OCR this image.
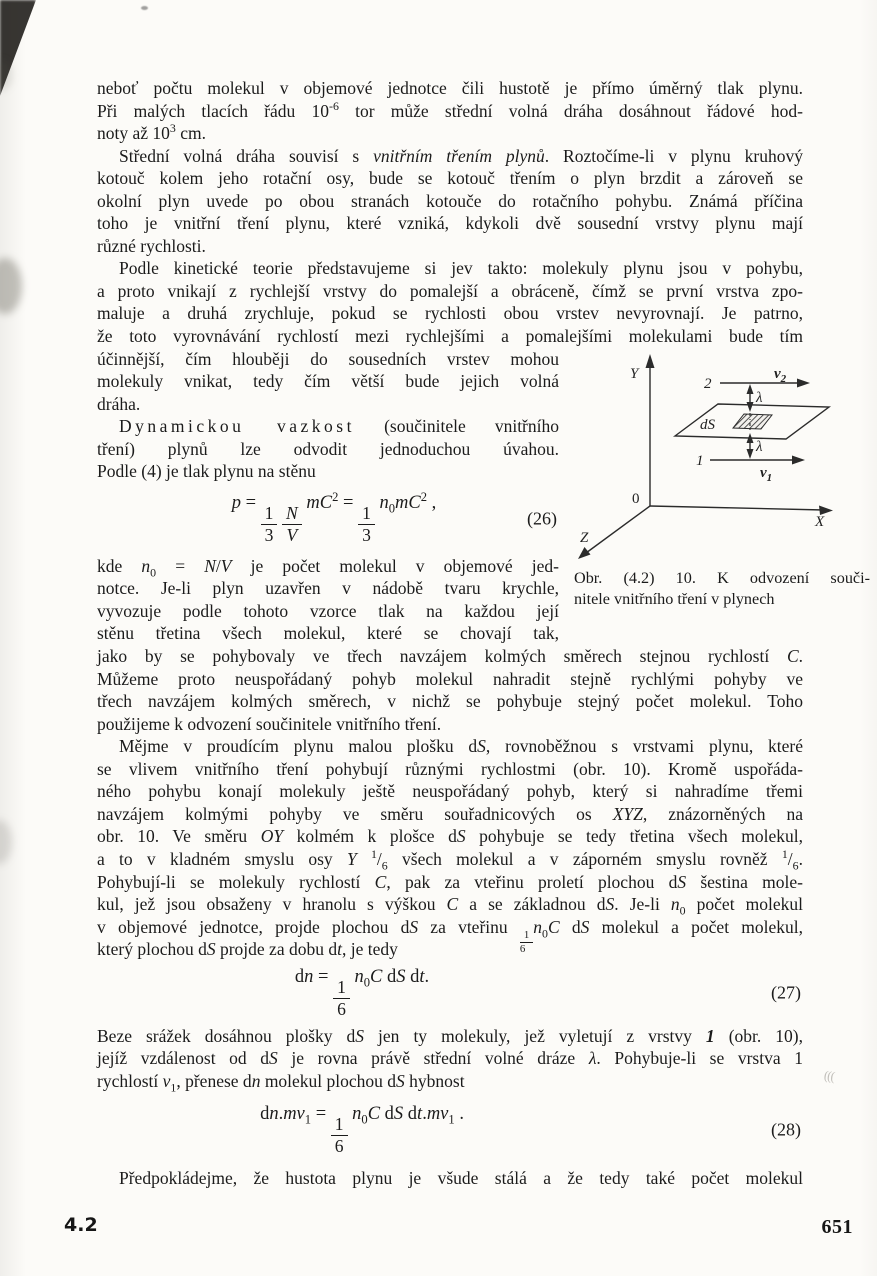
(((
neboť počtu molekul v objemové jednotce čili hustotě je přímo úměrný tlak plynu.
Při malých tlacích řádu $10^{-6}$ tor může střední volná dráha dosáhnout řádové hod-
noty až $10^3$ cm.
Střední volná dráha souvisí s vnitřním třením plynů. Roztočíme-li v plynu kruhový
kotouč kolem jeho rotační osy, bude se kotouč třením o plyn brzdit a zároveň se
okolní plyn uvede po obou stranách kotouče do rotačního pohybu. Známá příčina
toho je vnitřní tření plynu, které vzniká, kdykoli dvě sousední vrstvy plynu mají
různé rychlosti.
Podle kinetické teorie představujeme si jev takto: molekuly plynu jsou v pohybu,
a proto vnikají z rychlejší vrstvy do pomalejší a obráceně, čímž se první vrstva zpo-
maluje a druhá zrychluje, pokud se rychlosti obou vrstev nevyrovnají. Je patrno,
že toto vyrovnávání rychlostí mezi rychlejšími a pomalejšími molekulami bude tím
účinnější, čím hlouběji do sousedních vrstev mohou
molekuly vnikat, tedy čím větší bude jejich volná
dráha.
Dynamickou vazkost (součinitele vnitřního
tření) plynů lze odvodit jednoduchou úvahou.
Podle (4) je tlak plynu na stěnu
p =
$\frac{1}{3}$
$\frac{N}{V}$
$mC^2$ =
$\frac{1}{3}$
$n_0mC^2$ ,
(26)
kde $n_0 = N/V$ je počet molekul v objemové jed-
notce. Je-li plyn uzavřen v nádobě tvaru krychle,
vyvozuje podle tohoto vzorce tlak na každou její
stěnu třetina všech molekul, které se chovají tak,
jako by se pohybovaly ve třech navzájem kolmých směrech stejnou rychlostí C.
Můžeme proto neuspořádaný pohyb molekul nahradit stejně rychlými pohyby ve
třech navzájem kolmých směrech, v nichž se pohybuje stejný počet molekul. Toho
použijeme k odvození součinitele vnitřního tření.
Mějme v proudícím plynu malou plošku dS, rovnoběžnou s vrstvami plynu, které
se vlivem vnitřního tření pohybují různými rychlostmi (obr. 10). Kromě uspořáda-
ného pohybu konají molekuly ještě neuspořádaný pohyb, který si nahradíme třemi
navzájem kolmými pohyby ve směru souřadnicových os XYZ, znázorněných na
obr. 10. Ve směru OY kolmém k plošce dS pohybuje se tedy třetina všech molekul,
a to v kladném smyslu osy Y $^1/_6$ všech molekul a v záporném smyslu rovněž $^1/_6$.
Pohybují-li se molekuly rychlostí C, pak za vteřinu proletí plochou dS šestina mole-
kul, jež jsou obsaženy v hranolu s výškou C a se základnou dS. Je-li $n_0$ počet molekul
v objemové jednotce, projde plochou dS za vteřinu
$\frac{1}{6}$
$n_0C$ dS molekul a počet molekul,
který plochou dS projde za dobu dt, je tedy
dn =
$\frac{1}{6}$
$n_0C$ dS dt.
(27)
Beze srážek dosáhnou plošky dS jen ty molekuly, jež vyletují z vrstvy 1 (obr. 10),
jejíž vzdálenost od dS je rovna právě střední volné dráze λ. Pohybuje-li se vrstva 1
rychlostí $v_1$, přenese dn molekul plochou dS hybnost
$dn.mv_1$ =
$\frac{1}{6}$
$n_0C$ dS $dt.mv_1$ .
(28)
Předpokládejme, že hustota plynu je všude stálá a že tedy také počet molekul
Y
X
Z
0
2
1
$v_2$
$v_1$
λ
λ
dS
Obr. (4.2) 10. K odvození souči-
nitele vnitřního tření v plynech
4.2	651
